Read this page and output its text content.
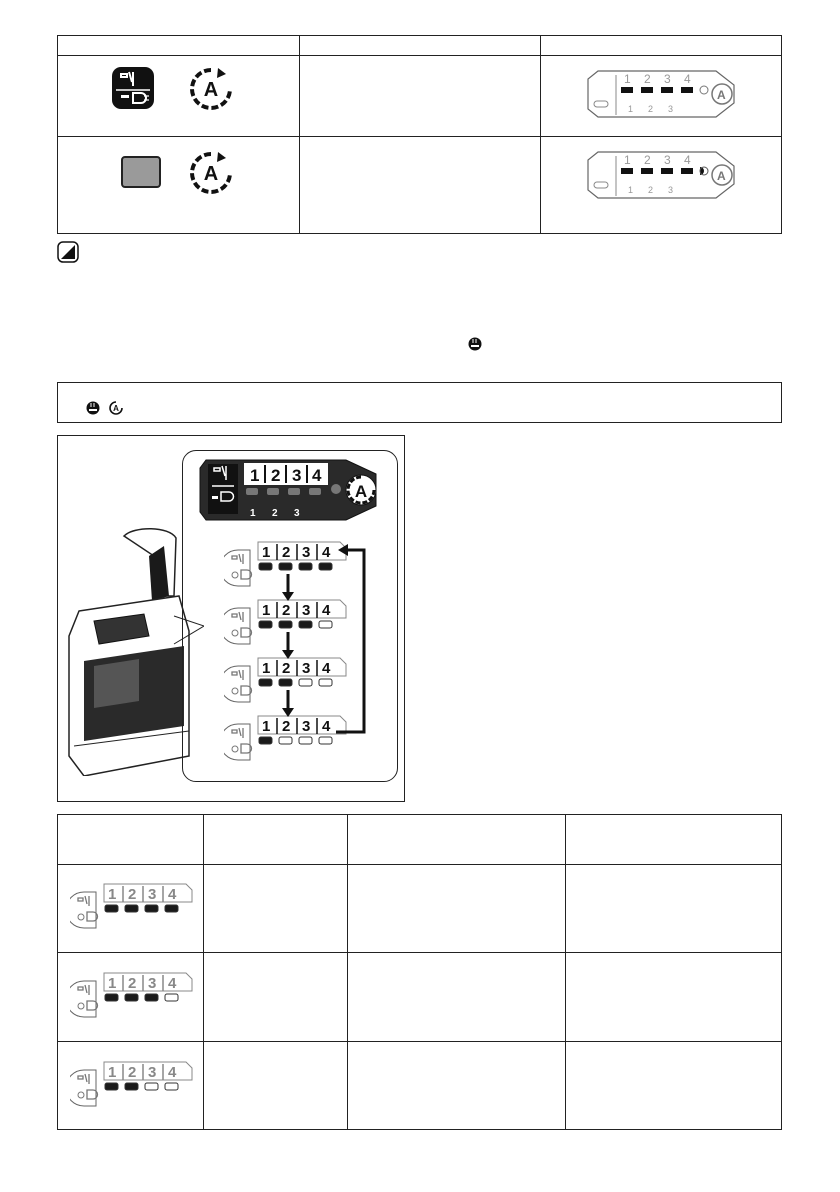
A
A
1 2 3 4
A
1 2 3
1 2 3 4
A
1 2 3
A
1 2 3 4
1 2 3
A
1 2 3 4
1 2 3 4
1 2 3 4
1 2 3 4
1 2 3 4
1 2 3 4
1 2 3 4
